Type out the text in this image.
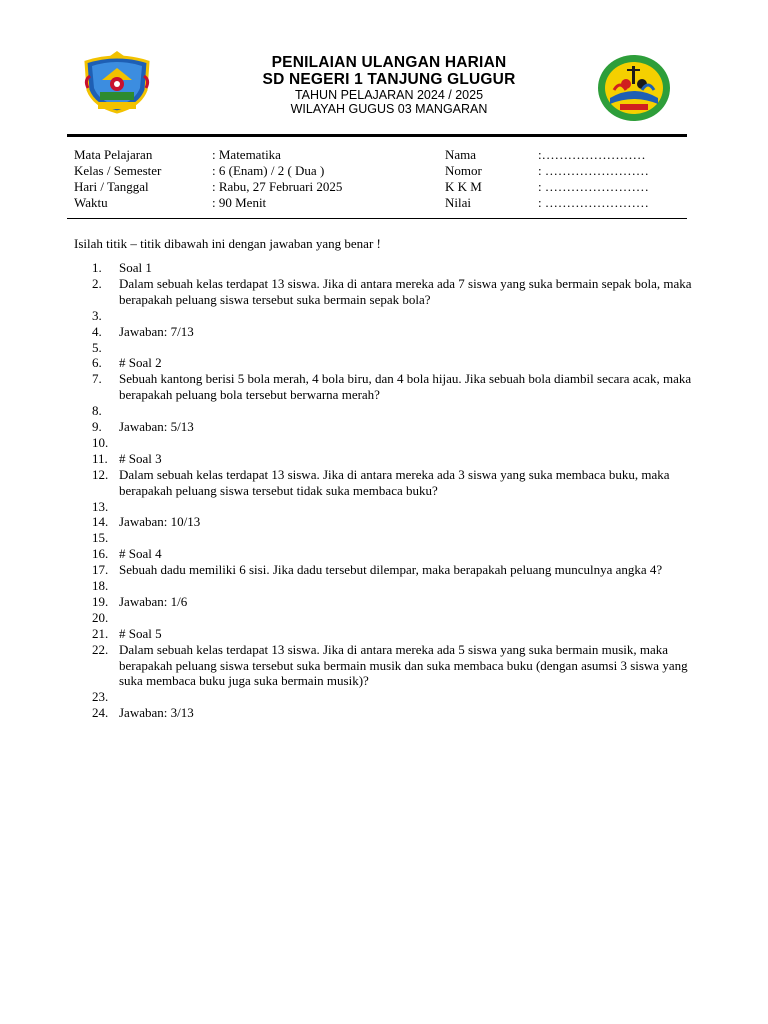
PENILAIAN ULANGAN HARIAN
SD NEGERI 1 TANJUNG GLUGUR
TAHUN PELAJARAN 2024 / 2025
WILAYAH GUGUS 03 MANGARAN
Mata Pelajaran	: Matematika	Nama	:……………………
Kelas / Semester	: 6 (Enam) / 2 ( Dua )	Nomor	: ……………………
Hari / Tanggal	: Rabu, 27 Februari 2025	K K M	: ……………………
Waktu	: 90 Menit	Nilai	: ……………………
Isilah titik – titik dibawah ini dengan jawaban yang benar !
1.	Soal 1
2.	Dalam sebuah kelas terdapat 13 siswa. Jika di antara mereka ada 7 siswa yang suka bermain sepak bola, maka berapakah peluang siswa tersebut suka bermain sepak bola?
3.
4.	Jawaban: 7/13
5.
6.	# Soal 2
7.	Sebuah kantong berisi 5 bola merah, 4 bola biru, dan 4 bola hijau. Jika sebuah bola diambil secara acak, maka berapakah peluang bola tersebut berwarna merah?
8.
9.	Jawaban: 5/13
10.
11. # Soal 3
12. Dalam sebuah kelas terdapat 13 siswa. Jika di antara mereka ada 3 siswa yang suka membaca buku, maka berapakah peluang siswa tersebut tidak suka membaca buku?
13.
14. Jawaban: 10/13
15.
16. # Soal 4
17. Sebuah dadu memiliki 6 sisi. Jika dadu tersebut dilempar, maka berapakah peluang munculnya angka 4?
18.
19. Jawaban: 1/6
20.
21. # Soal 5
22. Dalam sebuah kelas terdapat 13 siswa. Jika di antara mereka ada 5 siswa yang suka bermain musik, maka berapakah peluang siswa tersebut suka bermain musik dan suka membaca buku (dengan asumsi 3 siswa yang suka membaca buku juga suka bermain musik)?
23.
24. Jawaban: 3/13
